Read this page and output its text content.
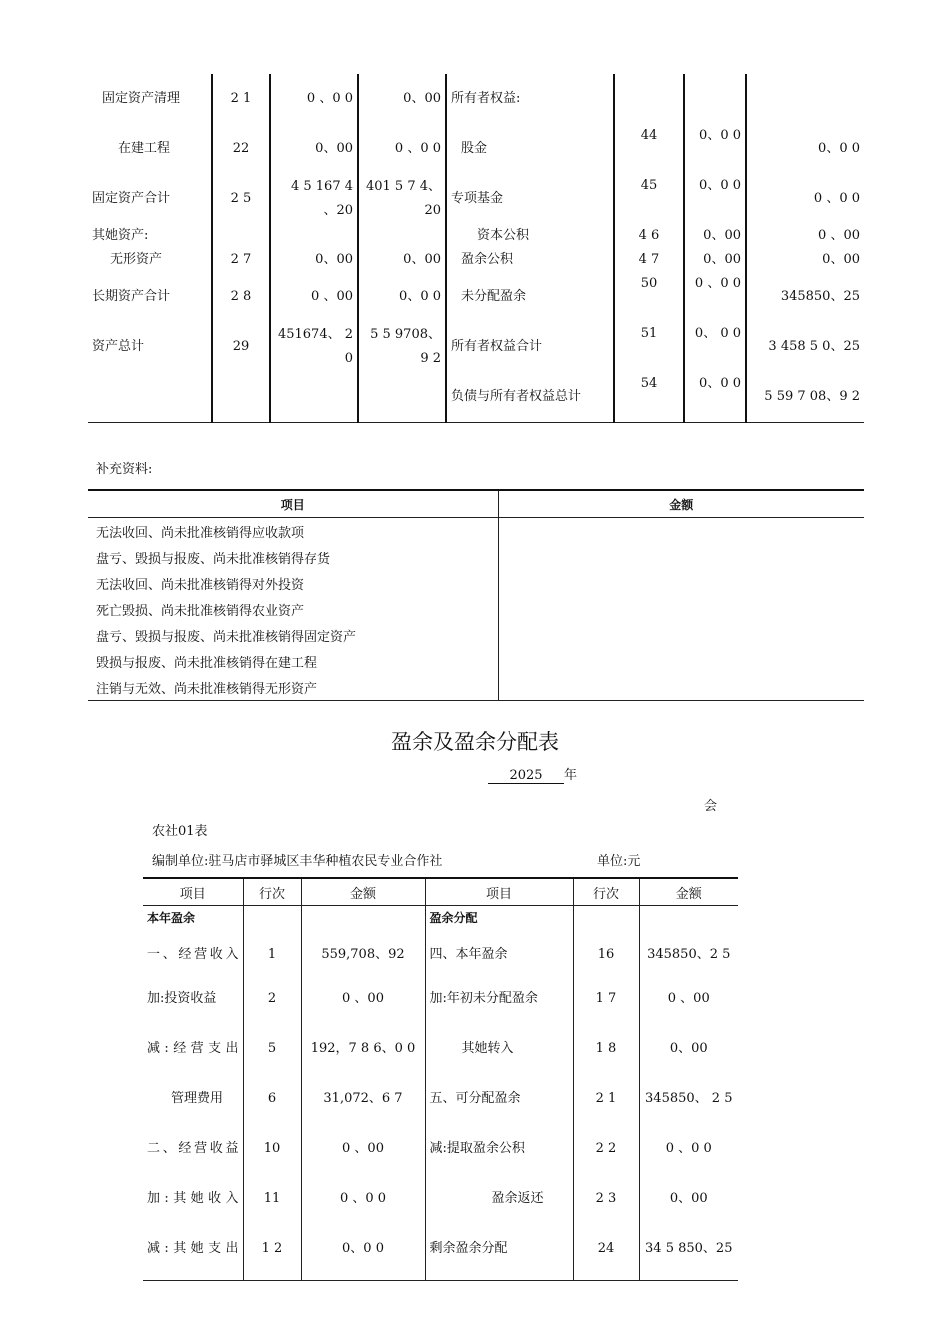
固定资产清理	2 1	0 、0 0	0、00	所有者权益:			
在建工程	22	0、00	0 、0 0	股金	44	0、0 0	0、0 0
固定资产合计	2 5	4 5 167 4 、20	401 5 7 4、20	专项基金	45	0、0 0	0 、0 0
其她资产:				资本公积	4 6	0、00	0 、00
无形资产	2 7	0、00	0、00	盈余公积	4 7	0、00	0、00
长期资产合计	2 8	0 、00	0、0 0	未分配盈余	50	0 、0 0	345850、25
资产总计	29	451674、 2 0	5 5 9708、 9 2	所有者权益合计	51	0、 0 0	3 458 5 0、25
				负债与所有者权益总计	54	0、0 0	5 59 7 08、9 2
补充资料:
项目	金额
无法收回、尚未批准核销得应收款项	
盘亏、毁损与报废、尚未批准核销得存货	
无法收回、尚未批准核销得对外投资	
死亡毁损、尚未批准核销得农业资产	
盘亏、毁损与报废、尚未批准核销得固定资产	
毁损与报废、尚未批准核销得在建工程	
注销与无效、尚未批准核销得无形资产	
盈余及盈余分配表
2025 年
会
农社01表
编制单位:驻马店市驿城区丰华种植农民专业合作社	单位:元
项目	行次	金额	项目	行次	金额
本年盈余			盈余分配		
一、经营收入	1	559,708、92	四、本年盈余	16	345850、2 5
加:投资收益	2	0 、00	加:年初未分配盈余	1 7	0 、00
减:经营支出	5	192，7 8 6、0 0	其她转入	1 8	0、00
管理费用	6	31,072、6 7	五、可分配盈余	2 1	345850、 2 5
二、经营收益	10	0 、00	减:提取盈余公积	2 2	0 、0 0
加:其她收入	11	0 、0 0	盈余返还	2 3	0、00
减:其她支出	1 2	0、0 0	剩余盈余分配	24	34 5 850、25
